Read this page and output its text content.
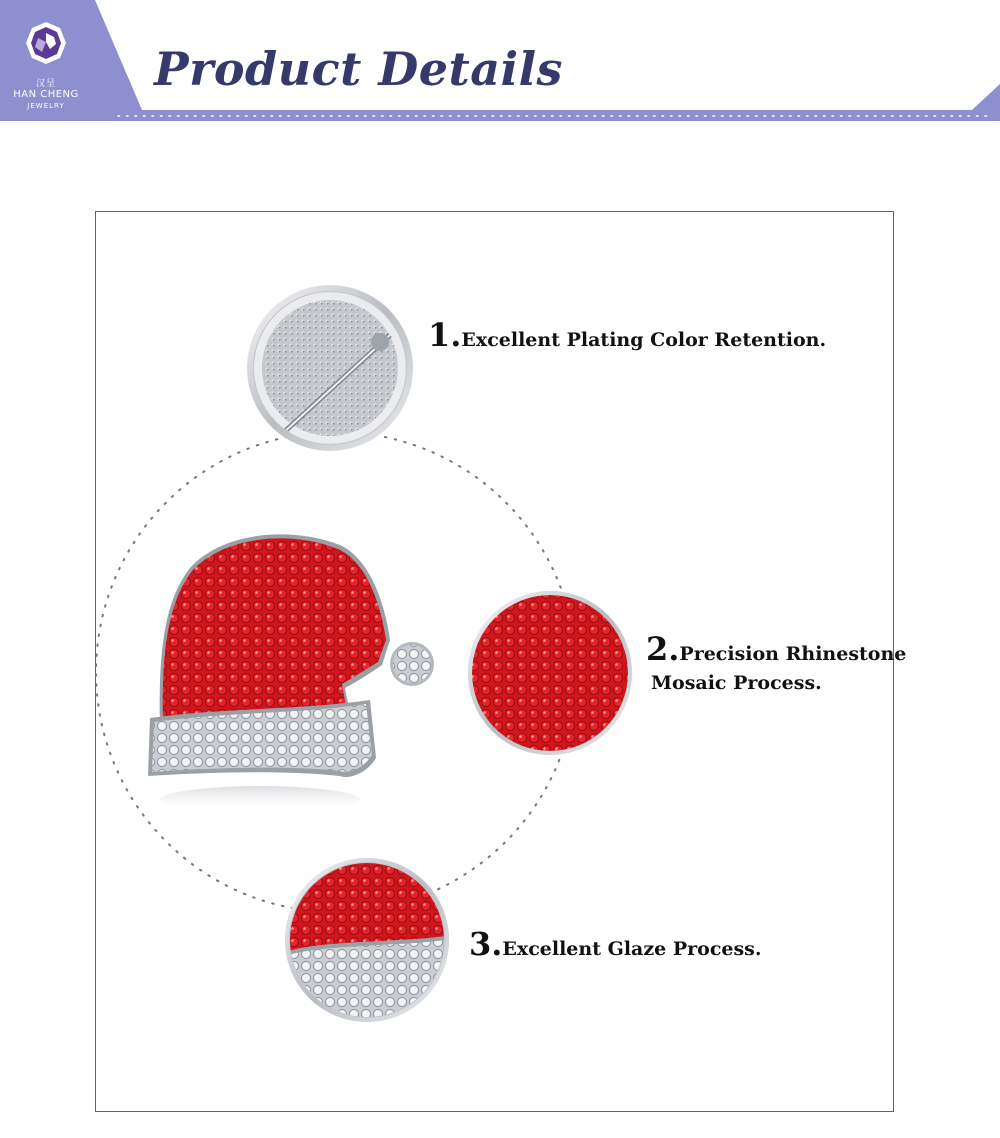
汉呈
HAN CHENG
JEWELRY
Product Details

1.Excellent Plating Color Retention.

2.Precision Rhinestone

Mosaic Process.

3.Excellent Glaze Process.
